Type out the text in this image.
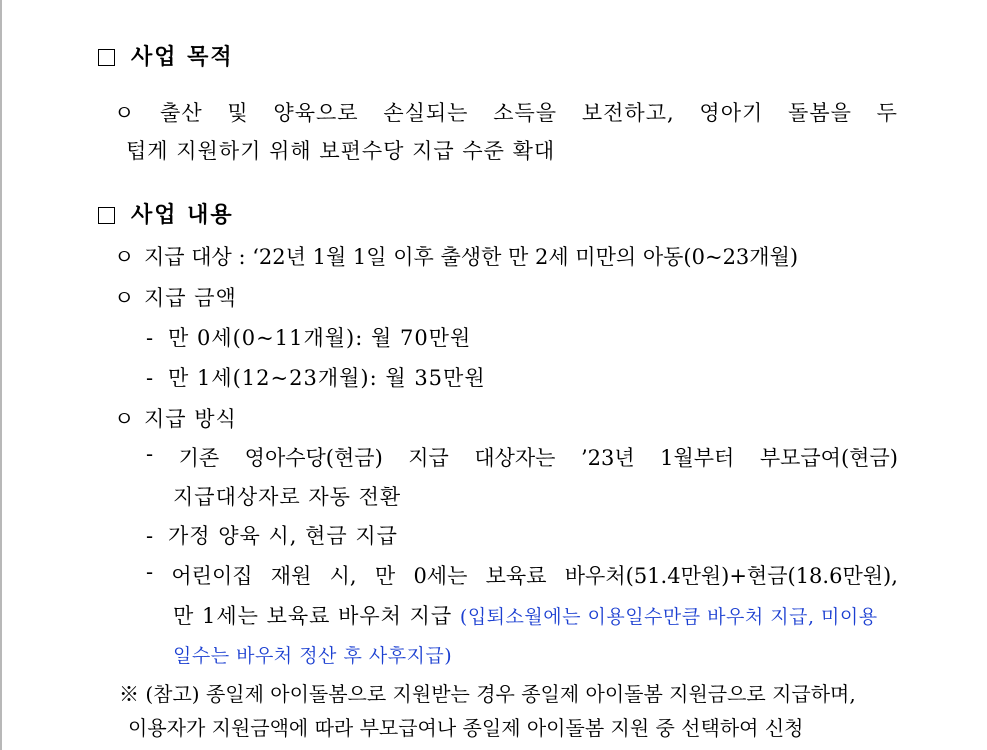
사업 목적
ㅇ 출산 및 양육으로 손실되는 소득을 보전하고, 영아기 돌봄을 두
텁게 지원하기 위해 보편수당 지급 수준 확대
사업 내용
ㅇ 지급 대상 : ‘22년 1월 1일 이후 출생한 만 2세 미만의 아동(0~23개월)
ㅇ 지급 금액
- 만 0세(0~11개월): 월 70만원
- 만 1세(12~23개월): 월 35만원
ㅇ 지급 방식
- 기존 영아수당(현금) 지급 대상자는 ’23년 1월부터 부모급여(현금)
지급대상자로 자동 전환
- 가정 양육 시, 현금 지급
- 어린이집 재원 시, 만 0세는 보육료 바우처(51.4만원)+현금(18.6만원),
만 1세는 보육료 바우처 지급 (입퇴소월에는 이용일수만큼 바우처 지급, 미이용
일수는 바우처 정산 후 사후지급)
※ (참고) 종일제 아이돌봄으로 지원받는 경우 종일제 아이돌봄 지원금으로 지급하며,
이용자가 지원금액에 따라 부모급여나 종일제 아이돌봄 지원 중 선택하여 신청
